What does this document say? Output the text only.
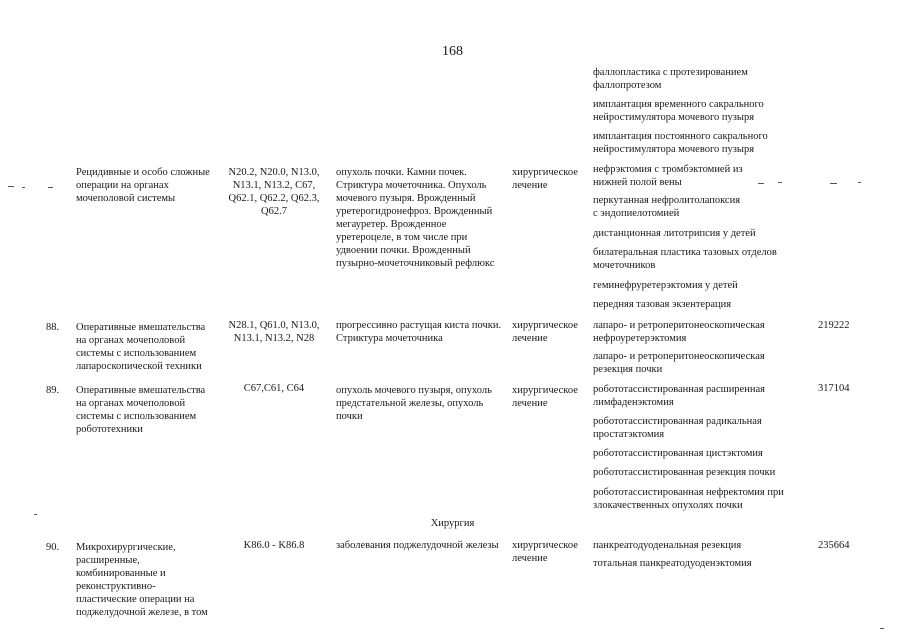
168
фаллопластика с протезированием
фаллопротезом
имплантация временного сакрального
нейростимулятора мочевого пузыря
имплантация постоянного сакрального
нейростимулятора мочевого пузыря
Рецидивные и особо сложные
операции на органах
мочеполовой системы
N20.2, N20.0, N13.0,
N13.1, N13.2, C67,
Q62.1, Q62.2, Q62.3,
Q62.7
опухоль почки. Камни почек.
Стриктура мочеточника. Опухоль
мочевого пузыря. Врожденный
уретерогидронефроз. Врожденный
мегауретер. Врожденное
уретероцеле, в том числе при
удвоении почки. Врожденный
пузырно-мочеточниковый рефлюкс
хирургическое
лечение
нефрэктомия с тромбэктомией из
нижней полой вены
перкутанная нефролитолапоксия
с эндопиелотомией
дистанционная литотрипсия у детей
билатеральная пластика тазовых отделов
мочеточников
геминефруретерэктомия у детей
передняя тазовая экзентерация
88. Оперативные вмешательства
на органах мочеполовой
системы с использованием
лапароскопической техники
N28.1, Q61.0, N13.0,
N13.1, N13.2, N28
прогрессивно растущая киста почки.
Стриктура мочеточника
хирургическое
лечение
лапаро- и ретроперитонеоскопическая
нефроуретерэктомия
лапаро- и ретроперитонеоскопическая
резекция почки
219222
89. Оперативные вмешательства
на органах мочеполовой
системы с использованием
робототехники
C67,C61, C64	опухоль мочевого пузыря, опухоль
предстательной железы, опухоль
почки
хирургическое
лечение
робототассистированная расширенная
лимфаденэктомия
робототассистированная радикальная
простатэктомия
робототассистированная цистэктомия
робототассистированная резекция почки
робототассистированная нефректомия при
злокачественных опухолях почки
317104
Хирургия
90. Микрохирургические,
расширенные,
комбинированные и
реконструктивно-
пластические операции на
поджелудочной железе, в том
K86.0 - K86.8	заболевания поджелудочной железы хирургическое
лечение
панкреатодуоденальная резекция
тотальная панкреатодуоденэктомия
235664
